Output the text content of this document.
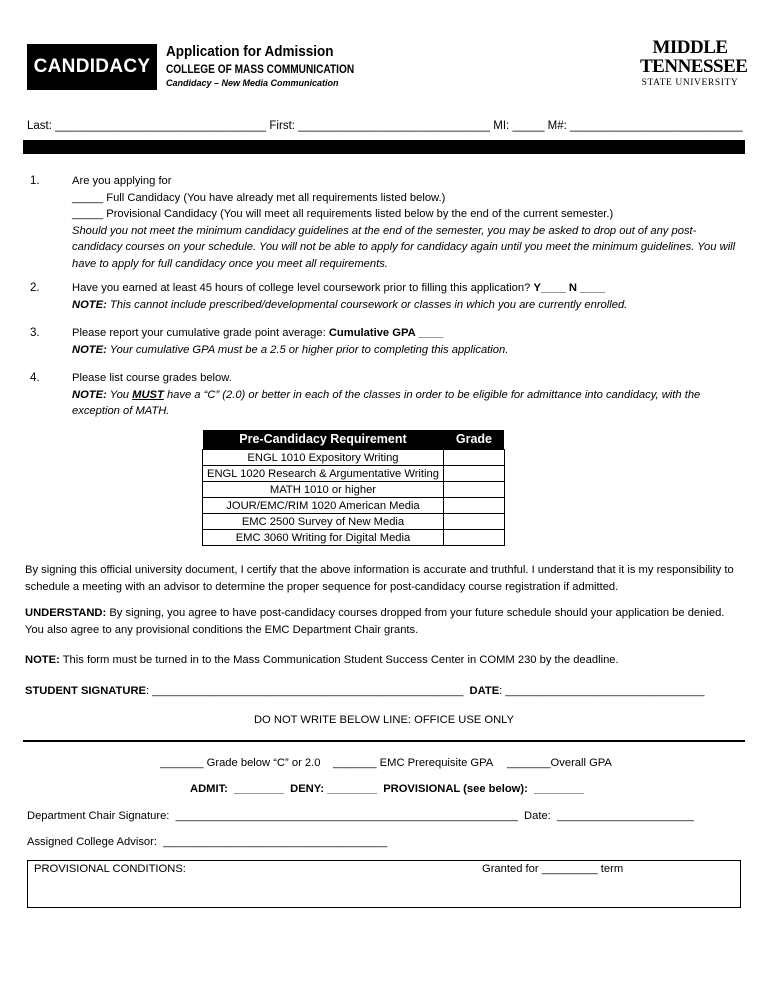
CANDIDACY
Application for Admission
COLLEGE OF MASS COMMUNICATION
Candidacy – New Media Communication
MIDDLE
TENNESSEE
STATE UNIVERSITY
Last: _________________________________ First: ______________________________ MI: _____ M#: ___________________________
1.	Are you applying for
_____ Full Candidacy (You have already met all requirements listed below.)
_____ Provisional Candidacy (You will meet all requirements listed below by the end of the current semester.)
Should you not meet the minimum candidacy guidelines at the end of the semester, you may be asked to drop out of any post-candidacy courses on your schedule. You will not be able to apply for candidacy again until you meet the minimum guidelines. You will have to apply for full candidacy once you meet all requirements.
2.	Have you earned at least 45 hours of college level coursework prior to filling this application? Y____ N ____
NOTE: This cannot include prescribed/developmental coursework or classes in which you are currently enrolled.
3.	Please report your cumulative grade point average: Cumulative GPA ____
NOTE: Your cumulative GPA must be a 2.5 or higher prior to completing this application.
4.	Please list course grades below.
NOTE: You MUST have a “C” (2.0) or better in each of the classes in order to be eligible for admittance into candidacy, with the exception of MATH.
Pre-Candidacy Requirement	Grade
ENGL 1010 Expository Writing	
ENGL 1020 Research & Argumentative Writing	
MATH 1010 or higher	
JOUR/EMC/RIM 1020 American Media	
EMC 2500 Survey of New Media	
EMC 3060 Writing for Digital Media	
By signing this official university document, I certify that the above information is accurate and truthful. I understand that it is my responsibility to schedule a meeting with an advisor to determine the proper sequence for post-candidacy course registration if admitted.
UNDERSTAND: By signing, you agree to have post-candidacy courses dropped from your future schedule should your application be denied. You also agree to any provisional conditions the EMC Department Chair grants.
NOTE: This form must be turned in to the Mass Communication Student Success Center in COMM 230 by the deadline.
STUDENT SIGNATURE: __________________________________________________ DATE: ________________________________
DO NOT WRITE BELOW LINE: OFFICE USE ONLY
_______ Grade below “C” or 2.0 _______ EMC Prerequisite GPA _______Overall GPA
ADMIT:  ________  DENY: ________  PROVISIONAL (see below):  ________
Department Chair Signature:  _______________________________________________________  Date:  ______________________
Assigned College Advisor:  ____________________________________
PROVISIONAL CONDITIONS:	Granted for _________ term
